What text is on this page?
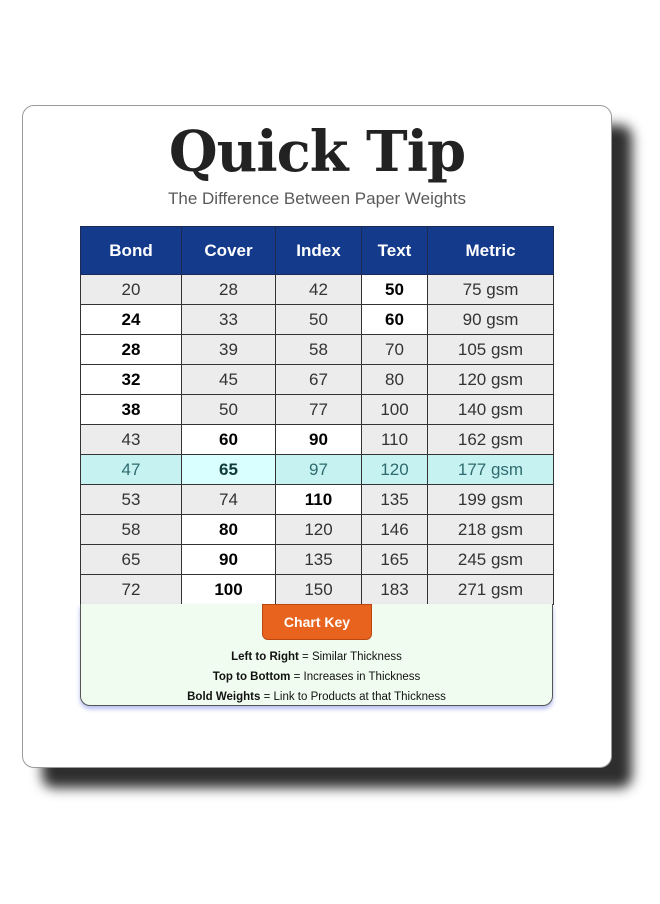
Quick Tip
The Difference Between Paper Weights
Bond	Cover	Index	Text	Metric
20	28	42	50	75 gsm
24	33	50	60	90 gsm
28	39	58	70	105 gsm
32	45	67	80	120 gsm
38	50	77	100	140 gsm
43	60	90	110	162 gsm
47	65	97	120	177 gsm
53	74	110	135	199 gsm
58	80	120	146	218 gsm
65	90	135	165	245 gsm
72	100	150	183	271 gsm
Chart Key
Left to Right = Similar Thickness
Top to Bottom = Increases in Thickness
Bold Weights = Link to Products at that Thickness
